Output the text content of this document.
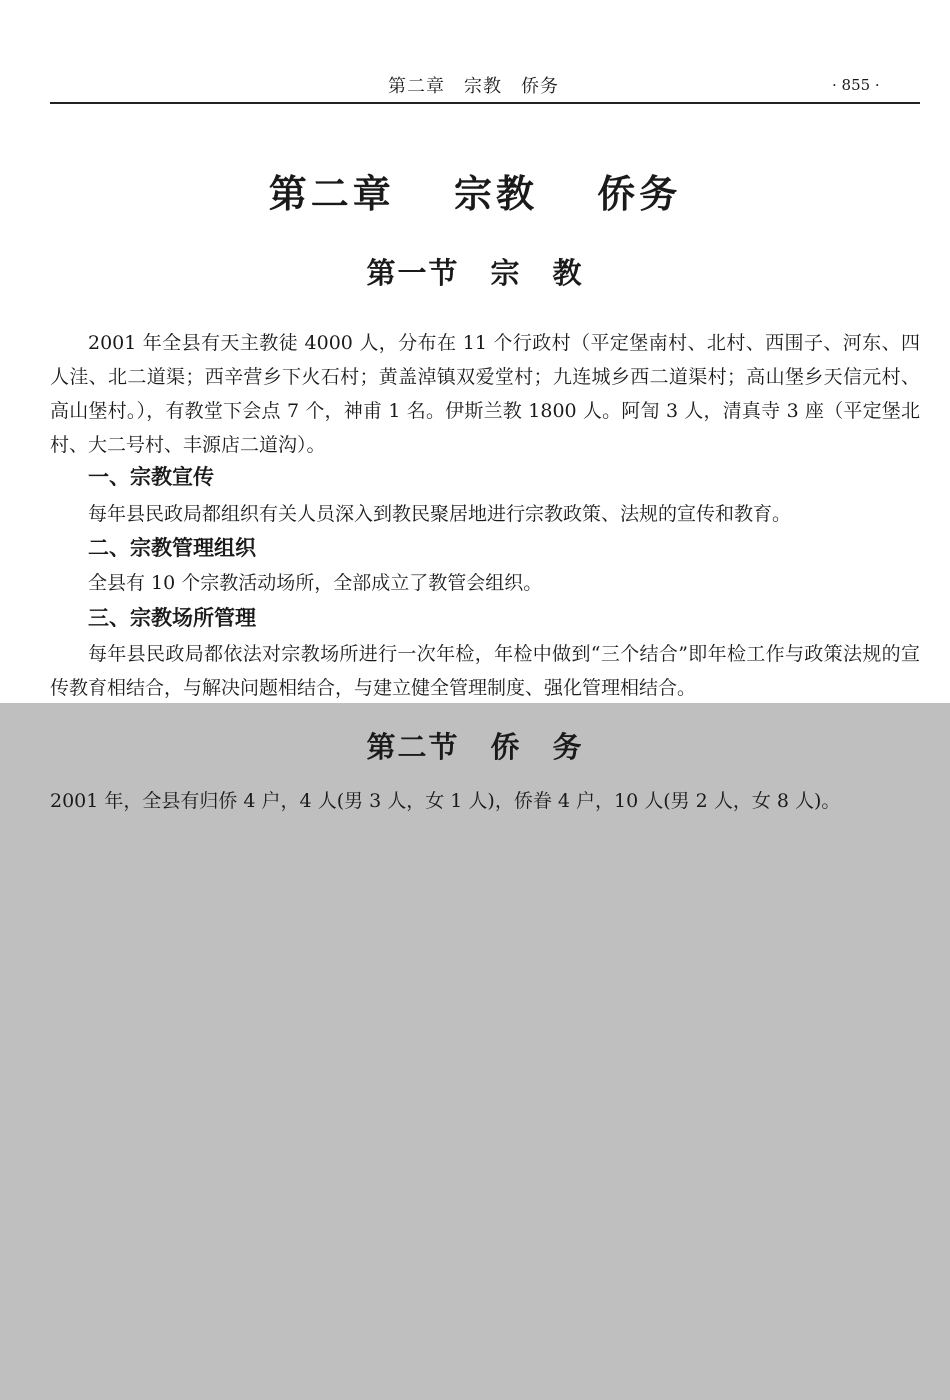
第二章　宗教　侨务	· 855 ·
第二章　 宗教　 侨务
第一节　宗　教

2001 年全县有天主教徒 4000 人，分布在 11 个行政村（平定堡南村、北村、西围子、河东、四人洼、北二道渠；西辛营乡下火石村；黄盖淖镇双爱堂村；九连城乡西二道渠村；高山堡乡天信元村、高山堡村。），有教堂下会点 7 个，神甫 1 名。伊斯兰教 1800 人。阿訇 3 人，清真寺 3 座（平定堡北村、大二号村、丰源店二道沟）。

一、宗教宣传

每年县民政局都组织有关人员深入到教民聚居地进行宗教政策、法规的宣传和教育。

二、宗教管理组织

全县有 10 个宗教活动场所，全部成立了教管会组织。

三、宗教场所管理

每年县民政局都依法对宗教场所进行一次年检，年检中做到“三个结合”即年检工作与政策法规的宣传教育相结合，与解决问题相结合，与建立健全管理制度、强化管理相结合。

第二节　侨　务

2001 年，全县有归侨 4 户，4 人(男 3 人，女 1 人)，侨眷 4 户，10 人(男 2 人，女 8 人)。
